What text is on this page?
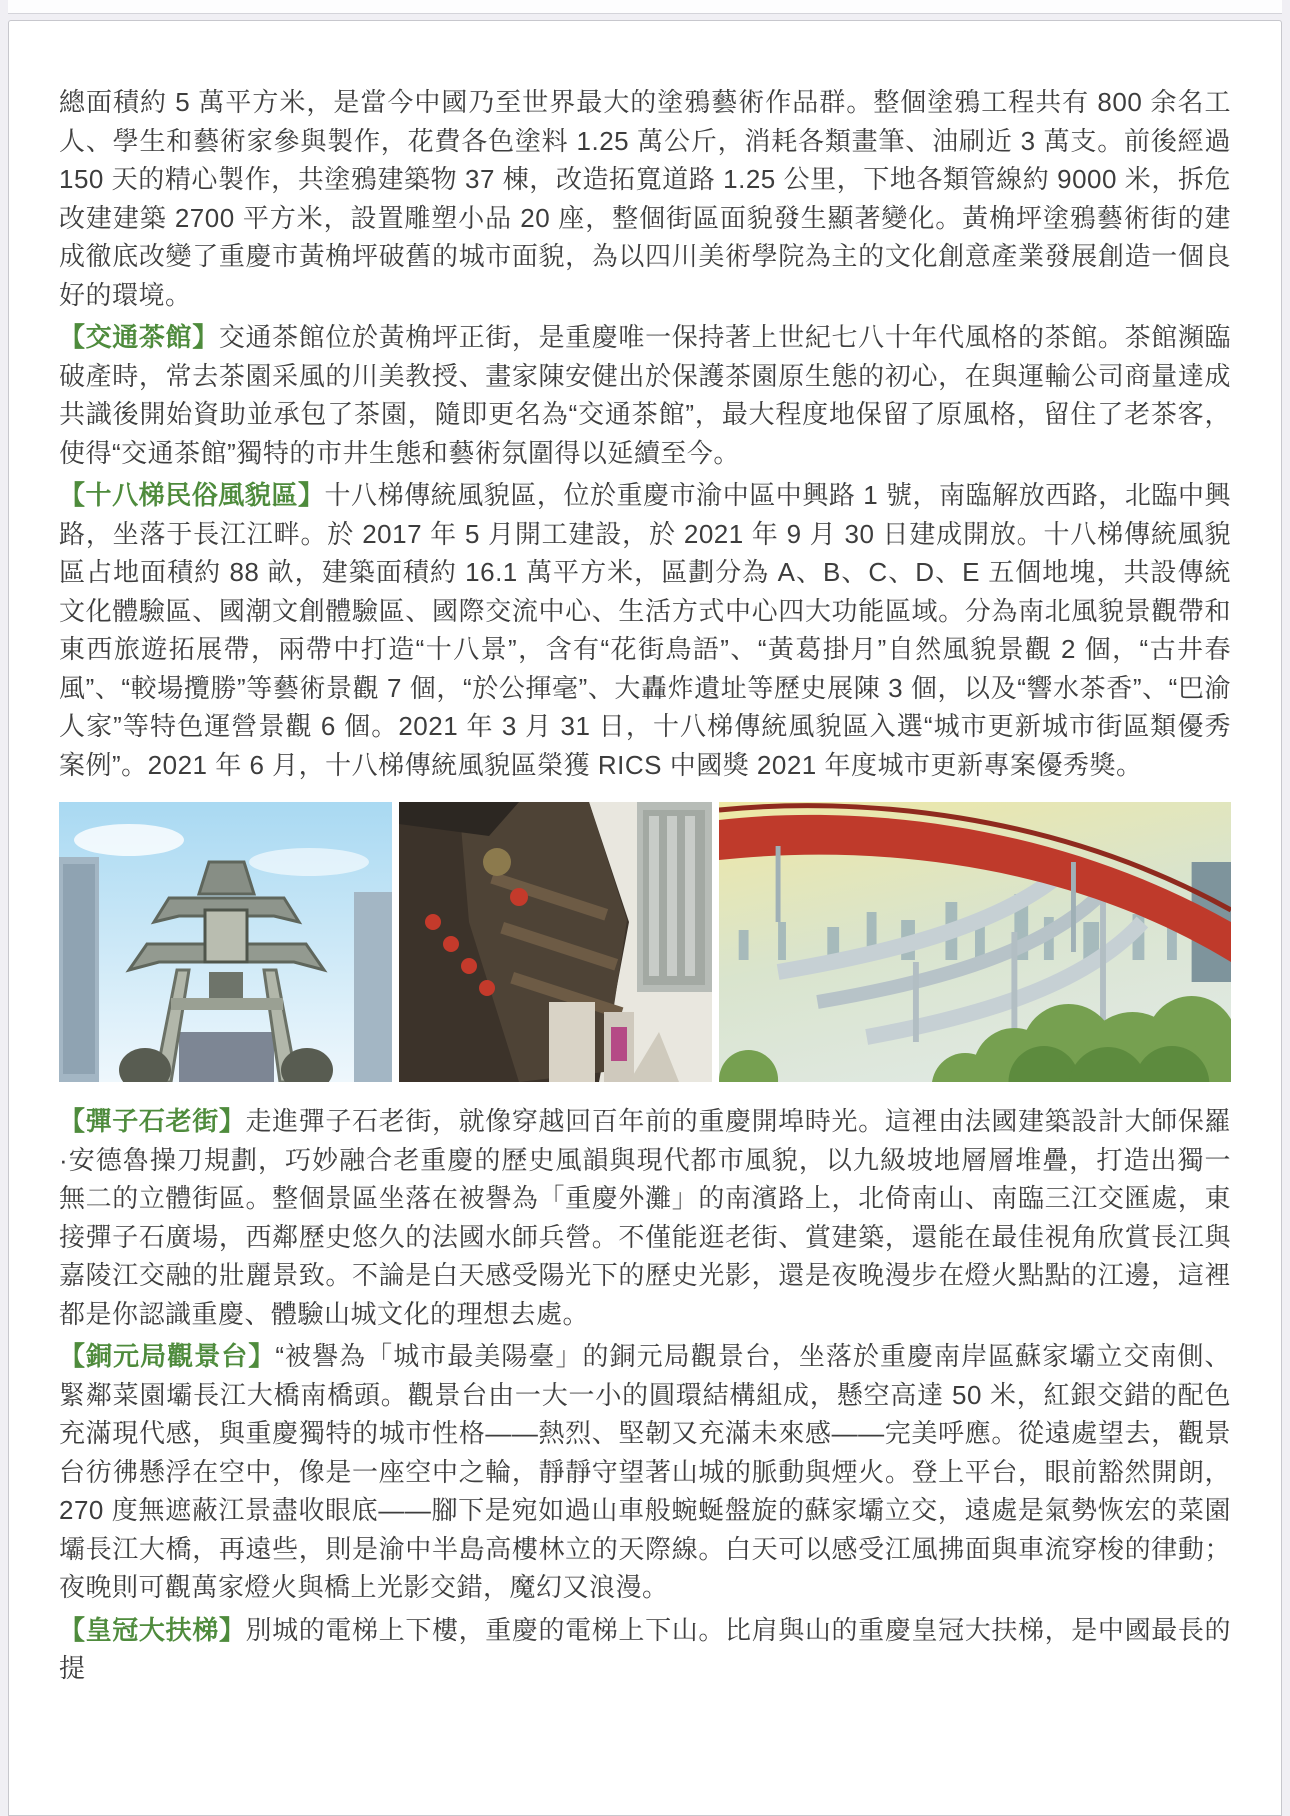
總面積約 5 萬平方米，是當今中國乃至世界最大的塗鴉藝術作品群。整個塗鴉工程共有 800 余名工人、學生和藝術家參與製作，花費各色塗料 1.25 萬公斤，消耗各類畫筆、油刷近 3 萬支。前後經過 150 天的精心製作，共塗鴉建築物 37 棟，改造拓寬道路 1.25 公里，下地各類管線約 9000 米，拆危改建建築 2700 平方米，設置雕塑小品 20 座，整個街區面貌發生顯著變化。黃桷坪塗鴉藝術街的建成徹底改變了重慶市黃桷坪破舊的城市面貌，為以四川美術學院為主的文化創意產業發展創造一個良好的環境。

【交通茶館】交通茶館位於黃桷坪正街，是重慶唯一保持著上世紀七八十年代風格的茶館。茶館瀕臨 破產時，常去茶園采風的川美教授、畫家陳安健出於保護茶園原生態的初心，在與運輸公司商量達成 共識後開始資助並承包了茶園，隨即更名為“交通茶館”，最大程度地保留了原風格，留住了老茶客， 使得“交通茶館”獨特的市井生態和藝術氛圍得以延續至今。

【十八梯民俗風貌區】十八梯傳統風貌區，位於重慶市渝中區中興路 1 號，南臨解放西路，北臨中興路，坐落于長江江畔。於 2017 年 5 月開工建設，於 2021 年 9 月 30 日建成開放。十八梯傳統風貌 區占地面積約 88 畝，建築面積約 16.1 萬平方米，區劃分為 A、B、C、D、E 五個地塊，共設傳統文化體驗區、國潮文創體驗區、國際交流中心、生活方式中心四大功能區域。分為南北風貌景觀帶和東西旅遊拓展帶，兩帶中打造“十八景”，含有“花街鳥語”、“黃葛掛月”自然風貌景觀 2 個，“古井春風”、“較場攬勝”等藝術景觀 7 個，“於公揮毫”、大轟炸遺址等歷史展陳 3 個，以及“響水茶香”、“巴渝人家”等特色運營景觀 6 個。2021 年 3 月 31 日，十八梯傳統風貌區入選“城市更新城市街區類優秀案例”。2021 年 6 月，十八梯傳統風貌區榮獲 RICS 中國獎 2021 年度城市更新專案優秀獎。

【彈子石老街】走進彈子石老街，就像穿越回百年前的重慶開埠時光。這裡由法國建築設計大師保羅·安德魯操刀規劃，巧妙融合老重慶的歷史風韻與現代都市風貌，以九級坡地層層堆疊，打造出獨一無二的立體街區。整個景區坐落在被譽為「重慶外灘」的南濱路上，北倚南山、南臨三江交匯處，東接彈子石廣場，西鄰歷史悠久的法國水師兵營。不僅能逛老街、賞建築，還能在最佳視角欣賞長江與嘉陵江交融的壯麗景致。不論是白天感受陽光下的歷史光影，還是夜晚漫步在燈火點點的江邊，這裡都是你認識重慶、體驗山城文化的理想去處。

【銅元局觀景台】“被譽為「城市最美陽臺」的銅元局觀景台，坐落於重慶南岸區蘇家壩立交南側、緊鄰菜園壩長江大橋南橋頭。觀景台由一大一小的圓環結構組成，懸空高達 50 米，紅銀交錯的配色充滿現代感，與重慶獨特的城市性格——熱烈、堅韌又充滿未來感——完美呼應。從遠處望去，觀景台彷彿懸浮在空中，像是一座空中之輪，靜靜守望著山城的脈動與煙火。登上平台，眼前豁然開朗，270 度無遮蔽江景盡收眼底——腳下是宛如過山車般蜿蜒盤旋的蘇家壩立交，遠處是氣勢恢宏的菜園壩長江大橋，再遠些，則是渝中半島高樓林立的天際線。白天可以感受江風拂面與車流穿梭的律動；夜晚則可觀萬家燈火與橋上光影交錯，魔幻又浪漫。

【皇冠大扶梯】別城的電梯上下樓，重慶的電梯上下山。比肩與山的重慶皇冠大扶梯，是中國最長的提
